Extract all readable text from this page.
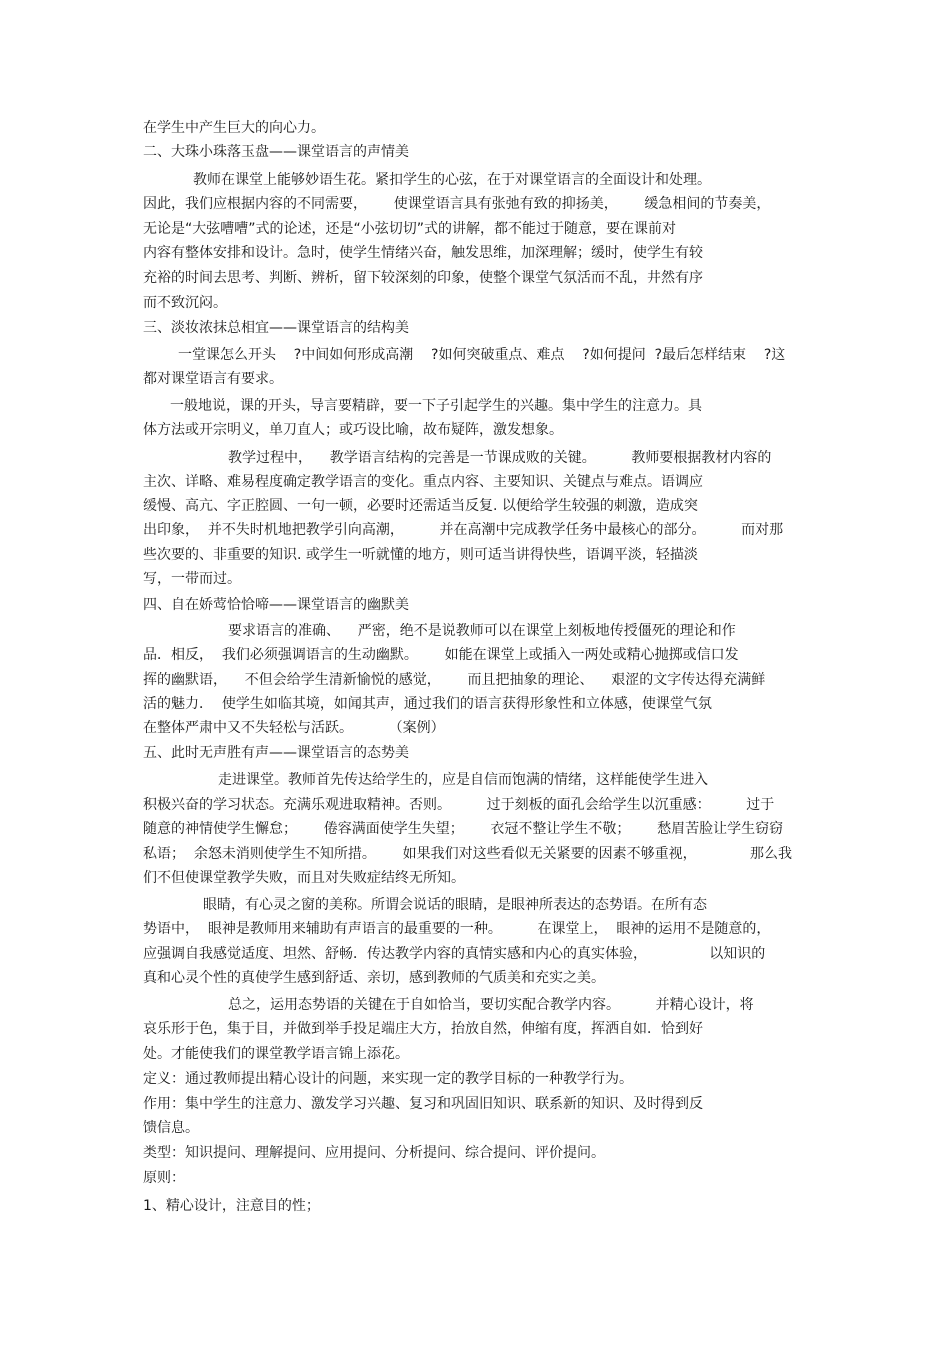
在学生中产生巨大的向心力。
二、大珠小珠落玉盘——课堂语言的声情美
教师在课堂上能够妙语生花。紧扣学生的心弦，在于对课堂语言的全面设计和处理。
因此，我们应根据内容的不同需要，      使课堂语言具有张弛有致的抑扬美，      缓急相间的节奏美，
无论是“大弦嘈嘈”式的论述，还是“小弦切切”式的讲解，都不能过于随意，要在课前对
内容有整体安排和设计。急时，使学生情绪兴奋，触发思维，加深理解；缓时，使学生有较
充裕的时间去思考、判断、辨析，留下较深刻的印象，使整个课堂气氛活而不乱，井然有序
而不致沉闷。
三、淡妆浓抹总相宜——课堂语言的结构美
一堂课怎么开头    ?中间如何形成高潮    ?如何突破重点、难点    ?如何提问  ?最后怎样结束    ?这
都对课堂语言有要求。
一般地说，课的开头，导言要精辟，要一下子引起学生的兴趣。集中学生的注意力。具
体方法或开宗明义，单刀直人；或巧设比喻，故布疑阵，激发想象。
教学过程中，    教学语言结构的完善是一节课成败的关键。        教师要根据教材内容的
主次、详略、难易程度确定教学语言的变化。重点内容、主要知识、关键点与难点。语调应
缓慢、高亢、字正腔圆、一句一顿，必要时还需适当反复. 以便给学生较强的刺激，造成突
出印象，  并不失时机地把教学引向高潮，        并在高潮中完成教学任务中最核心的部分。        而对那
些次要的、非重要的知识. 或学生一听就懂的地方，则可适当讲得快些，语调平淡，轻描淡
写，一带而过。
四、自在娇莺恰恰啼——课堂语言的幽默美
要求语言的准确、    严密，绝不是说教师可以在课堂上刻板地传授僵死的理论和作
品．相反，  我们必须强调语言的生动幽默。      如能在课堂上或插入一两处或精心抛掷或信口发
挥的幽默语，    不但会给学生清新愉悦的感觉，      而且把抽象的理论、    艰涩的文字传达得充满鲜
活的魅力．  使学生如临其境，如闻其声，通过我们的语言获得形象性和立体感，使课堂气氛
在整体严肃中又不失轻松与活跃。        （案例）
五、此时无声胜有声——课堂语言的态势美
走进课堂。教师首先传达给学生的，应是自信而饱满的情绪，这样能使学生进入
积极兴奋的学习状态。充满乐观进取精神。否则。        过于刻板的面孔会给学生以沉重感：        过于
随意的神情使学生懈怠；      倦容满面使学生失望；      衣冠不整让学生不敬；      愁眉苦脸让学生窃窃
私语；  余怒未消则使学生不知所措。      如果我们对这些看似无关紧要的因素不够重视，            那么我
们不但使课堂教学失败，而且对失败症结终无所知。
眼睛，有心灵之窗的美称。所谓会说话的眼睛，是眼神所表达的态势语。在所有态
势语中，  眼神是教师用来辅助有声语言的最重要的一种。        在课堂上，  眼神的运用不是随意的，
应强调自我感觉适度、坦然、舒畅．传达教学内容的真情实感和内心的真实体验，              以知识的
真和心灵个性的真使学生感到舒适、亲切，感到教师的气质美和充实之美。
总之，运用态势语的关键在于自如恰当，要切实配合教学内容。        并精心设计，将
哀乐形于色，集于目，并做到举手投足端庄大方，抬放自然，伸缩有度，挥洒自如．恰到好
处。才能使我们的课堂教学语言锦上添花。
定义：通过教师提出精心设计的问题，来实现一定的教学目标的一种教学行为。
作用：集中学生的注意力、激发学习兴趣、复习和巩固旧知识、联系新的知识、及时得到反
馈信息。
类型：知识提问、理解提问、应用提问、分析提问、综合提问、评价提问。
原则：
1、精心设计，注意目的性；
